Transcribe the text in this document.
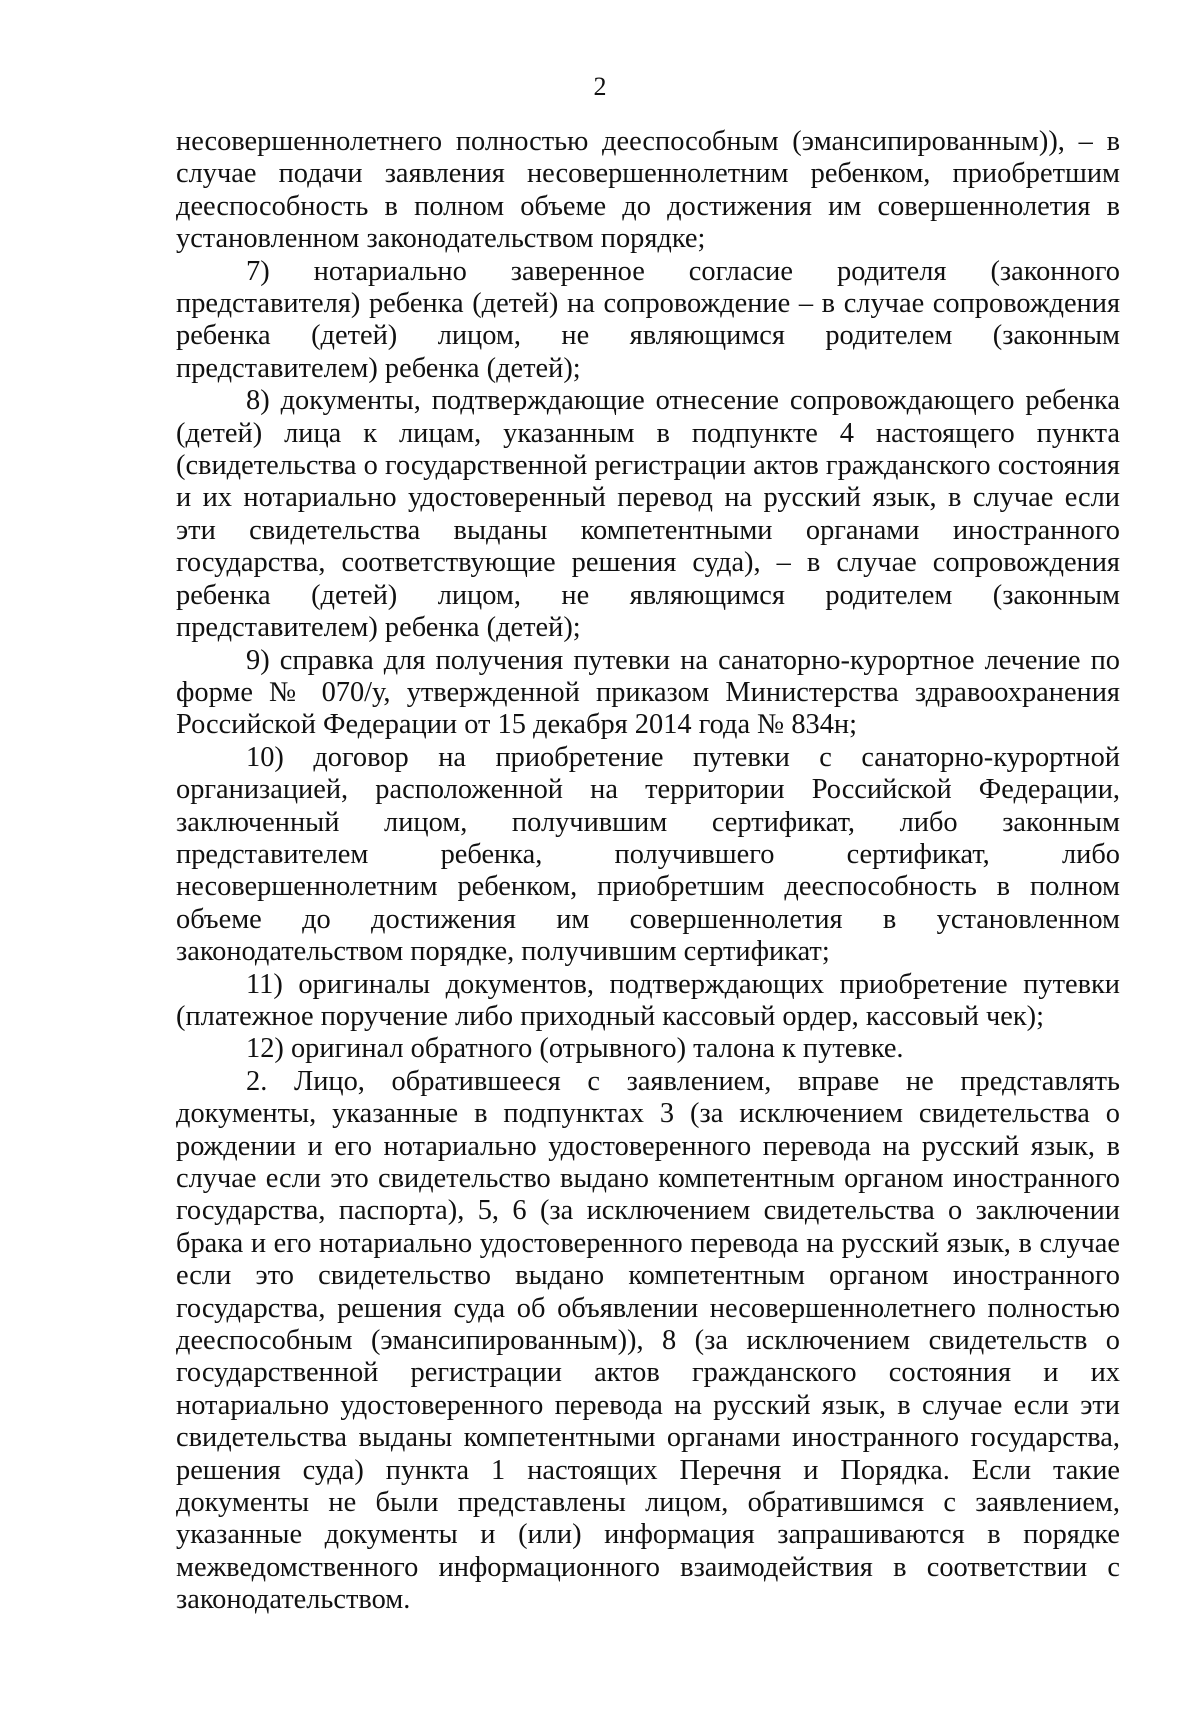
2

несовершеннолетнего полностью дееспособным (эмансипированным)), – в случае подачи заявления несовершеннолетним ребенком, приобретшим дееспособность в полном объеме до достижения им совершеннолетия в установленном законодательством порядке;

7) нотариально заверенное согласие родителя (законного представителя) ребенка (детей) на сопровождение – в случае сопровождения ребенка (детей) лицом, не являющимся родителем (законным представителем) ребенка (детей);

8) документы, подтверждающие отнесение сопровождающего ребенка (детей) лица к лицам, указанным в подпункте 4 настоящего пункта (свидетельства о государственной регистрации актов гражданского состояния и их нотариально удостоверенный перевод на русский язык, в случае если эти свидетельства выданы компетентными органами иностранного государства, соответствующие решения суда), – в случае сопровождения ребенка (детей) лицом, не являющимся родителем (законным представителем) ребенка (детей);

9) справка для получения путевки на санаторно-курортное лечение по форме № 070/у, утвержденной приказом Министерства здравоохранения Российской Федерации от 15 декабря 2014 года № 834н;

10) договор на приобретение путевки с санаторно-курортной организацией, расположенной на территории Российской Федерации, заключенный лицом, получившим сертификат, либо законным представителем ребенка, получившего сертификат, либо несовершеннолетним ребенком, приобретшим дееспособность в полном объеме до достижения им совершеннолетия в установленном законодательством порядке, получившим сертификат;

11) оригиналы документов, подтверждающих приобретение путевки (платежное поручение либо приходный кассовый ордер, кассовый чек);

12) оригинал обратного (отрывного) талона к путевке.

2. Лицо, обратившееся с заявлением, вправе не представлять документы, указанные в подпунктах 3 (за исключением свидетельства о рождении и его нотариально удостоверенного перевода на русский язык, в случае если это свидетельство выдано компетентным органом иностранного государства, паспорта), 5, 6 (за исключением свидетельства о заключении брака и его нотариально удостоверенного перевода на русский язык, в случае если это свидетельство выдано компетентным органом иностранного государства, решения суда об объявлении несовершеннолетнего полностью дееспособным (эмансипированным)), 8 (за исключением свидетельств о государственной регистрации актов гражданского состояния и их нотариально удостоверенного перевода на русский язык, в случае если эти свидетельства выданы компетентными органами иностранного государства, решения суда) пункта 1 настоящих Перечня и Порядка. Если такие документы не были представлены лицом, обратившимся с заявлением, указанные документы и (или) информация запрашиваются в порядке межведомственного информационного взаимодействия в соответствии с законодательством.
